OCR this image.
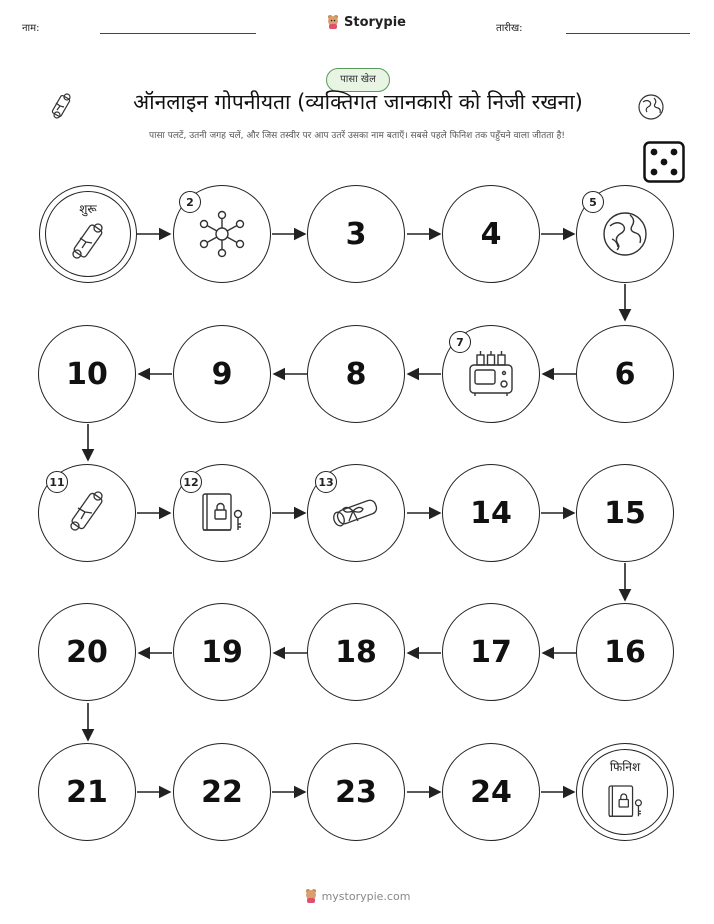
नाम:	Storypie	तारीख:
पासा खेल
ऑनलाइन गोपनीयता (व्यक्तिगत जानकारी को निजी रखना)
पासा पलटें, उतनी जगह चलें, और जिस तस्वीर पर आप उतरें उसका नाम बताएँ। सबसे पहले फिनिश तक पहुँचने वाला जीतता है!
शुरू	2
3	4
5
10	9	8
7
6
11	12	13
14	15
20	19	18	17	16
21	22	23	24
फिनिश
mystorypie.com
